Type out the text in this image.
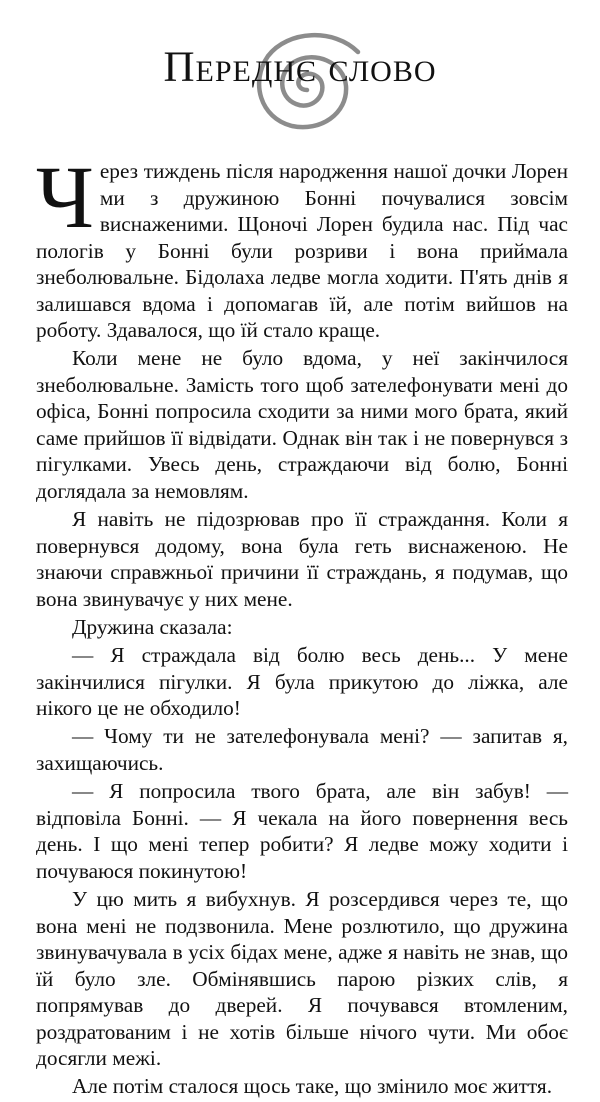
Переднє слово

Через тиждень після народження нашої дочки Лорен ми з дружиною Бонні почувалися зовсім виснаженими. Щоночі Лорен будила нас. Під час пологів у Бонні були розриви і вона приймала знеболювальне. Бідолаха ледве могла ходити. П'ять днів я залишався вдома і допомагав їй, але потім вийшов на роботу. Здавалося, що їй стало краще.

Коли мене не було вдома, у неї закінчилося знеболювальне. Замість того щоб зателефонувати мені до офіса, Бонні попросила сходити за ними мого брата, який саме прийшов її відвідати. Однак він так і не повернувся з пігулками. Увесь день, страждаючи від болю, Бонні доглядала за немовлям.

Я навіть не підозрював про її страждання. Коли я повернувся додому, вона була геть виснаженою. Не знаючи справжньої причини її страждань, я подумав, що вона звинувачує у них мене.

Дружина сказала:

— Я страждала від болю весь день... У мене закінчилися пігулки. Я була прикутою до ліжка, але нікого це не обходило!

— Чому ти не зателефонувала мені? — запитав я, захищаючись.

— Я попросила твого брата, але він забув! — відповіла Бонні. — Я чекала на його повернення весь день. І що мені тепер робити? Я ледве можу ходити і почуваюся покинутою!

У цю мить я вибухнув. Я розсердився через те, що вона мені не подзвонила. Мене розлютило, що дружина звинувачувала в усіх бідах мене, адже я навіть не знав, що їй було зле. Обмінявшись парою різких слів, я попрямував до дверей. Я почувався втомленим, роздратованим і не хотів більше нічого чути. Ми обоє досягли межі.

Але потім сталося щось таке, що змінило моє життя.
